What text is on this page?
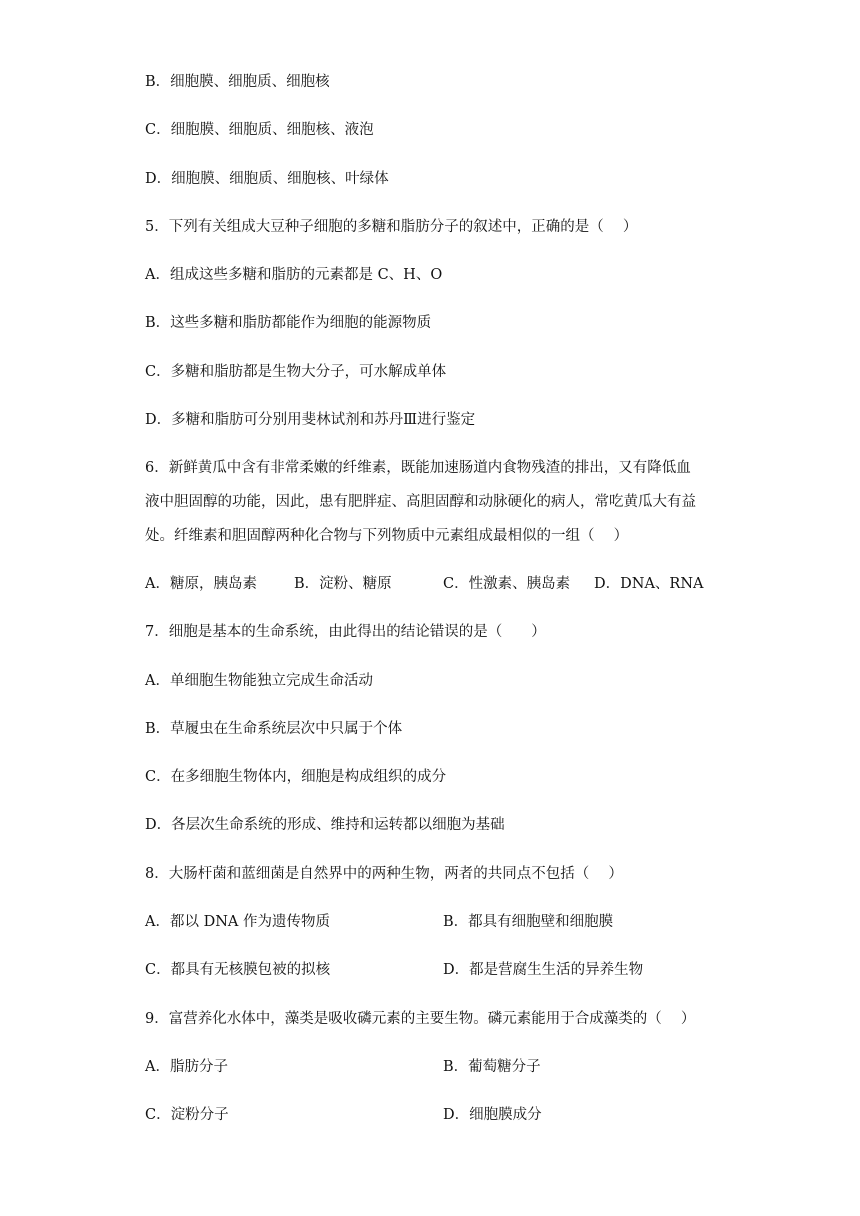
B．细胞膜、细胞质、细胞核
C．细胞膜、细胞质、细胞核、液泡
D．细胞膜、细胞质、细胞核、叶绿体
5．下列有关组成大豆种子细胞的多糖和脂肪分子的叙述中，正确的是（　 ）
A．组成这些多糖和脂肪的元素都是 C、H、O
B．这些多糖和脂肪都能作为细胞的能源物质
C．多糖和脂肪都是生物大分子，可水解成单体
D．多糖和脂肪可分别用斐林试剂和苏丹Ⅲ进行鉴定
6．新鲜黄瓜中含有非常柔嫩的纤维素，既能加速肠道内食物残渣的排出，又有降低血
液中胆固醇的功能，因此，患有肥胖症、高胆固醇和动脉硬化的病人，常吃黄瓜大有益
处。纤维素和胆固醇两种化合物与下列物质中元素组成最相似的一组（　 ）
A．糖原，胰岛素	B．淀粉、糖原	C．性激素、胰岛素 D．DNA、RNA
7．细胞是基本的生命系统，由此得出的结论错误的是（　　）
A．单细胞生物能独立完成生命活动
B．草履虫在生命系统层次中只属于个体
C．在多细胞生物体内，细胞是构成组织的成分
D．各层次生命系统的形成、维持和运转都以细胞为基础
8．大肠杆菌和蓝细菌是自然界中的两种生物，两者的共同点不包括（　 ）
A．都以 DNA 作为遗传物质	B．都具有细胞壁和细胞膜
C．都具有无核膜包被的拟核	D．都是营腐生生活的异养生物
9．富营养化水体中，藻类是吸收磷元素的主要生物。磷元素能用于合成藻类的（　 ）
A．脂肪分子	B．葡萄糖分子
C．淀粉分子	D．细胞膜成分
